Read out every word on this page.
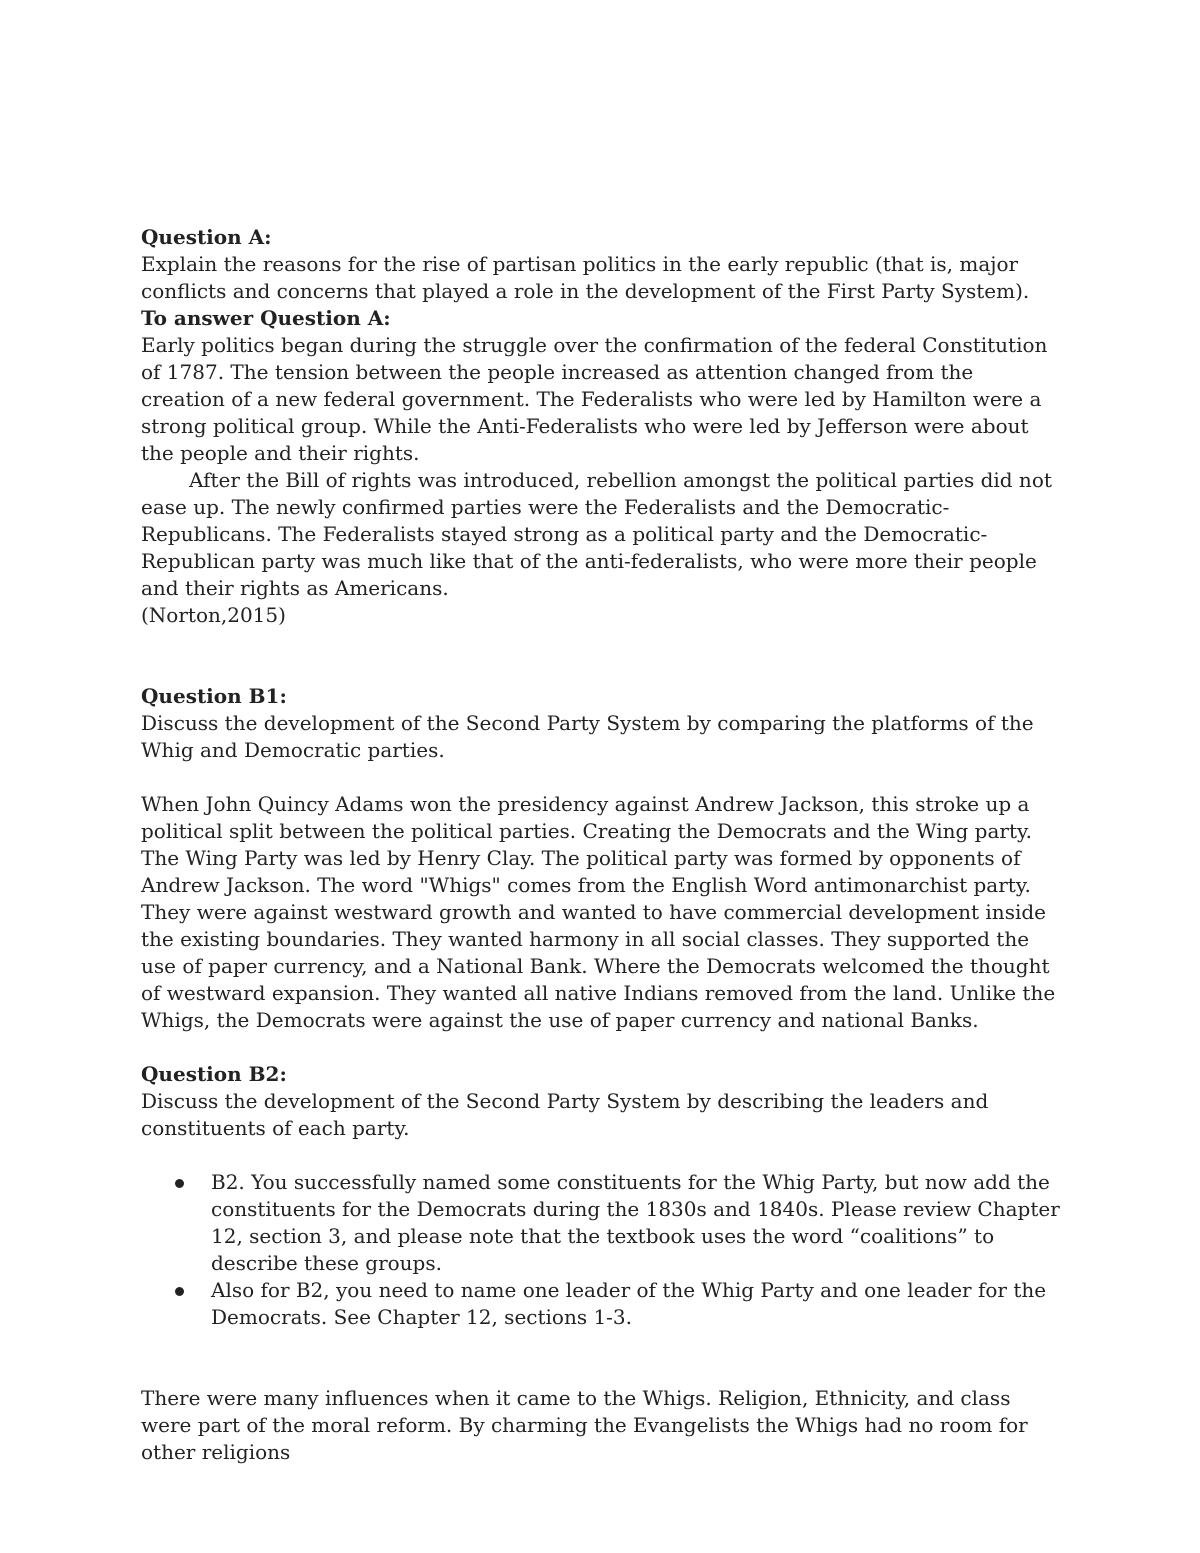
Question A:

Explain the reasons for the rise of partisan politics in the early republic (that is, major conflicts and concerns that played a role in the development of the First Party System).

To answer Question A:

Early politics began during the struggle over the confirmation of the federal Constitution of 1787. The tension between the people increased as attention changed from the creation of a new federal government. The Federalists who were led by Hamilton were a strong political group. While the Anti-Federalists who were led by Jefferson were about the people and their rights.

After the Bill of rights was introduced, rebellion amongst the political parties did not ease up. The newly confirmed parties were the Federalists and the Democratic-Republicans. The Federalists stayed strong as a political party and the Democratic-Republican party was much like that of the anti-federalists, who were more their people and their rights as Americans.

(Norton,2015)

Question B1:

Discuss the development of the Second Party System by comparing the platforms of the Whig and Democratic parties.

When John Quincy Adams won the presidency against Andrew Jackson, this stroke up a political split between the political parties. Creating the Democrats and the Wing party. The Wing Party was led by Henry Clay. The political party was formed by opponents of Andrew Jackson. The word "Whigs" comes from the English Word antimonarchist party. They were against westward growth and wanted to have commercial development inside the existing boundaries. They wanted harmony in all social classes. They supported the use of paper currency, and a National Bank. Where the Democrats welcomed the thought of westward expansion. They wanted all native Indians removed from the land. Unlike the Whigs, the Democrats were against the use of paper currency and national Banks.

Question B2:

Discuss the development of the Second Party System by describing the leaders and constituents of each party.

B2. You successfully named some constituents for the Whig Party, but now add the constituents for the Democrats during the 1830s and 1840s. Please review Chapter 12, section 3, and please note that the textbook uses the word “coalitions” to describe these groups.
Also for B2, you need to name one leader of the Whig Party and one leader for the Democrats. See Chapter 12, sections 1-3.

There were many influences when it came to the Whigs. Religion, Ethnicity, and class were part of the moral reform. By charming the Evangelists the Whigs had no room for other religions
